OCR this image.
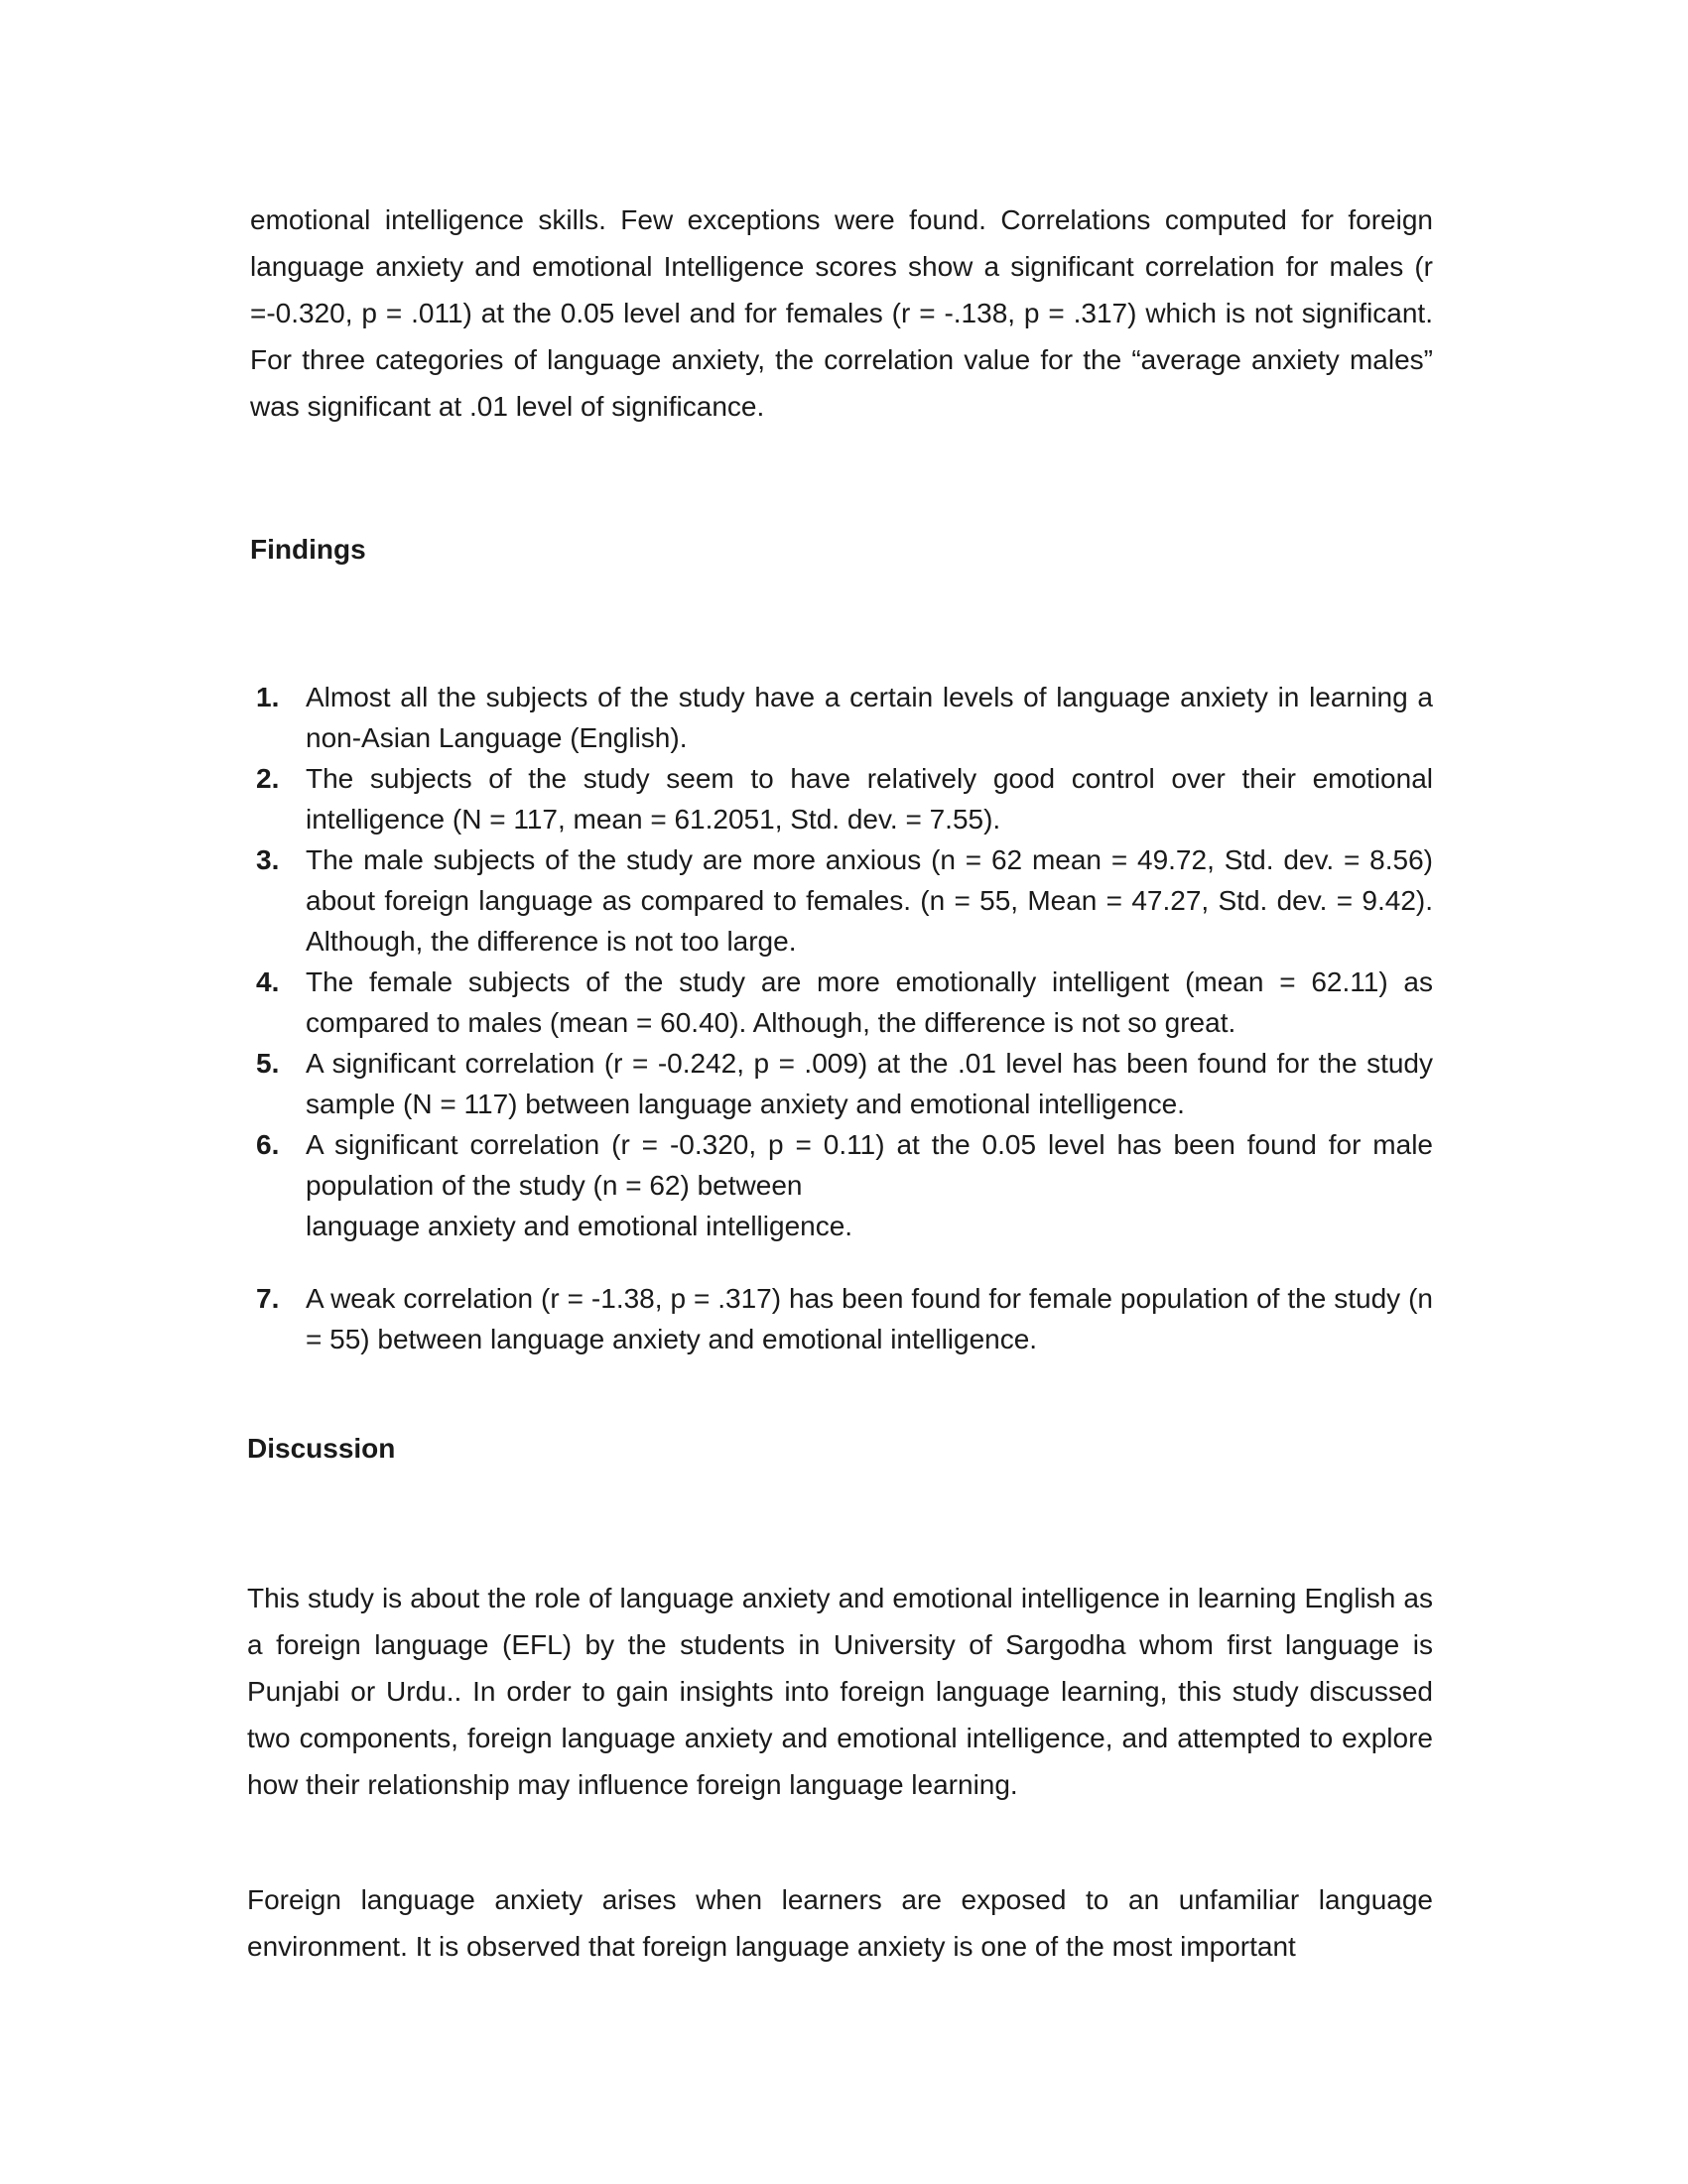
emotional intelligence skills. Few exceptions were found. Correlations computed for foreign language anxiety and emotional Intelligence scores show a significant correlation for males (r =-0.320, p = .011) at the 0.05 level and for females (r = -.138, p = .317) which is not significant. For three categories of language anxiety, the correlation value for the “average anxiety males” was significant at .01 level of significance.

Findings
1. Almost all the subjects of the study have a certain levels of language anxiety in learning a non-Asian Language (English).
2. The subjects of the study seem to have relatively good control over their emotional intelligence (N = 117, mean = 61.2051, Std. dev. = 7.55).
3. The male subjects of the study are more anxious (n = 62 mean = 49.72, Std. dev. = 8.56) about foreign language as compared to females. (n = 55, Mean = 47.27, Std. dev. = 9.42). Although, the difference is not too large.
4. The female subjects of the study are more emotionally intelligent (mean = 62.11) as compared to males (mean = 60.40). Although, the difference is not so great.
5. A significant correlation (r = -0.242, p = .009) at the .01 level has been found for the study sample (N = 117) between language anxiety and emotional intelligence.
6. A significant correlation (r = -0.320, p = 0.11) at the 0.05 level has been found for male population of the study (n = 62) between
language anxiety and emotional intelligence.
7. A weak correlation (r = -1.38, p = .317) has been found for female population of the study (n = 55) between language anxiety and emotional intelligence.
Discussion

This study is about the role of language anxiety and emotional intelligence in learning English as a foreign language (EFL) by the students in University of Sargodha whom first language is Punjabi or Urdu.. In order to gain insights into foreign language learning, this study discussed two components, foreign language anxiety and emotional intelligence, and attempted to explore how their relationship may influence foreign language learning.

Foreign language anxiety arises when learners are exposed to an unfamiliar language environment. It is observed that foreign language anxiety is one of the most important
